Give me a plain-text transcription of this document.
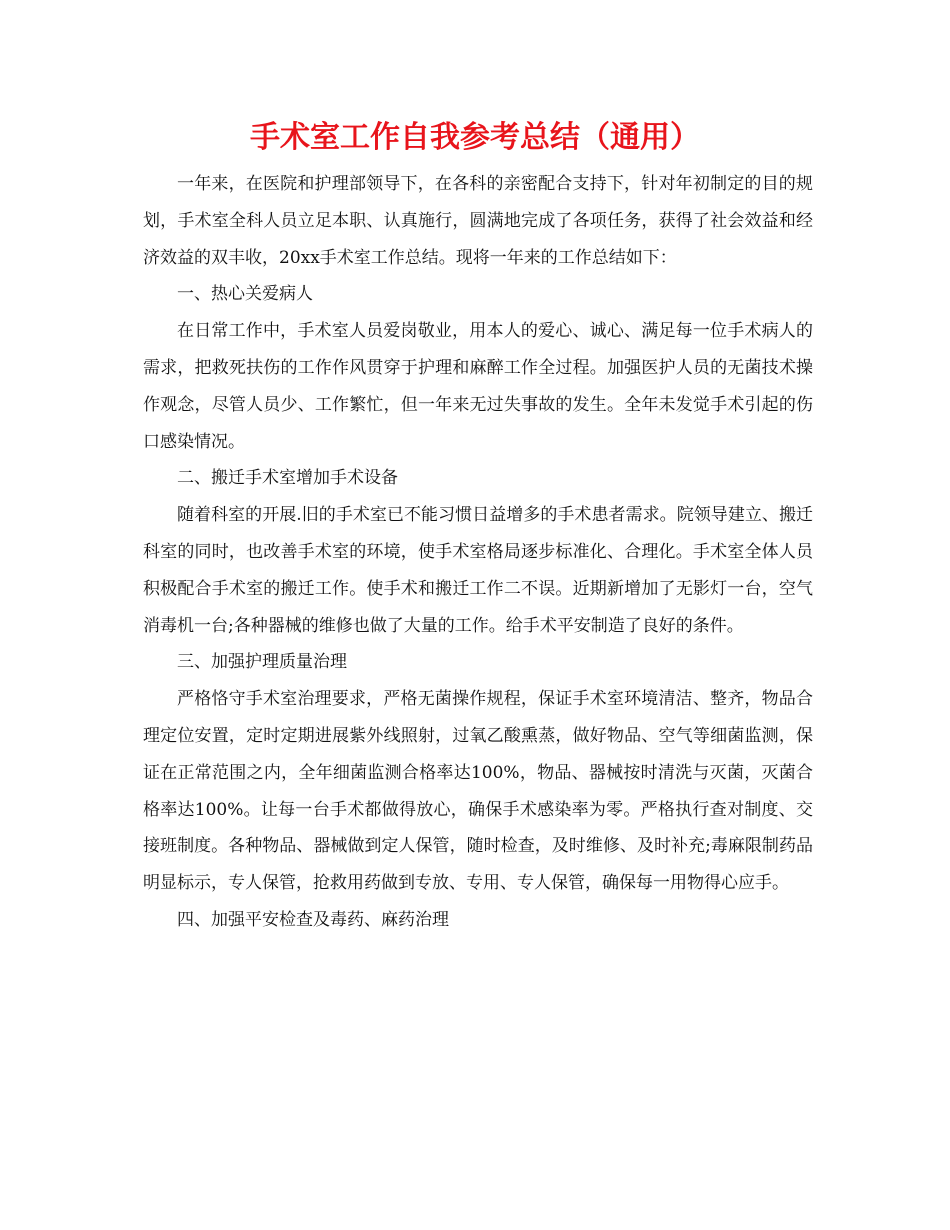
手术室工作自我参考总结（通用）

一年来，在医院和护理部领导下，在各科的亲密配合支持下，针对年初制定的目的规划，手术室全科人员立足本职、认真施行，圆满地完成了各项任务，获得了社会效益和经济效益的双丰收，20xx手术室工作总结。现将一年来的工作总结如下：

一、热心关爱病人

在日常工作中，手术室人员爱岗敬业，用本人的爱心、诚心、满足每一位手术病人的需求，把救死扶伤的工作作风贯穿于护理和麻醉工作全过程。加强医护人员的无菌技术操作观念，尽管人员少、工作繁忙，但一年来无过失事故的发生。全年未发觉手术引起的伤口感染情况。

二、搬迁手术室增加手术设备

随着科室的开展.旧的手术室已不能习惯日益增多的手术患者需求。院领导建立、搬迁科室的同时，也改善手术室的环境，使手术室格局逐步标准化、合理化。手术室全体人员积极配合手术室的搬迁工作。使手术和搬迁工作二不误。近期新增加了无影灯一台，空气消毒机一台;各种器械的维修也做了大量的工作。给手术平安制造了良好的条件。

三、加强护理质量治理

严格恪守手术室治理要求，严格无菌操作规程，保证手术室环境清洁、整齐，物品合理定位安置，定时定期进展紫外线照射，过氧乙酸熏蒸，做好物品、空气等细菌监测，保证在正常范围之内，全年细菌监测合格率达100%，物品、器械按时清洗与灭菌，灭菌合格率达100%。让每一台手术都做得放心，确保手术感染率为零。严格执行查对制度、交接班制度。各种物品、器械做到定人保管，随时检查，及时维修、及时补充;毒麻限制药品明显标示，专人保管，抢救用药做到专放、专用、专人保管，确保每一用物得心应手。

四、加强平安检查及毒药、麻药治理
